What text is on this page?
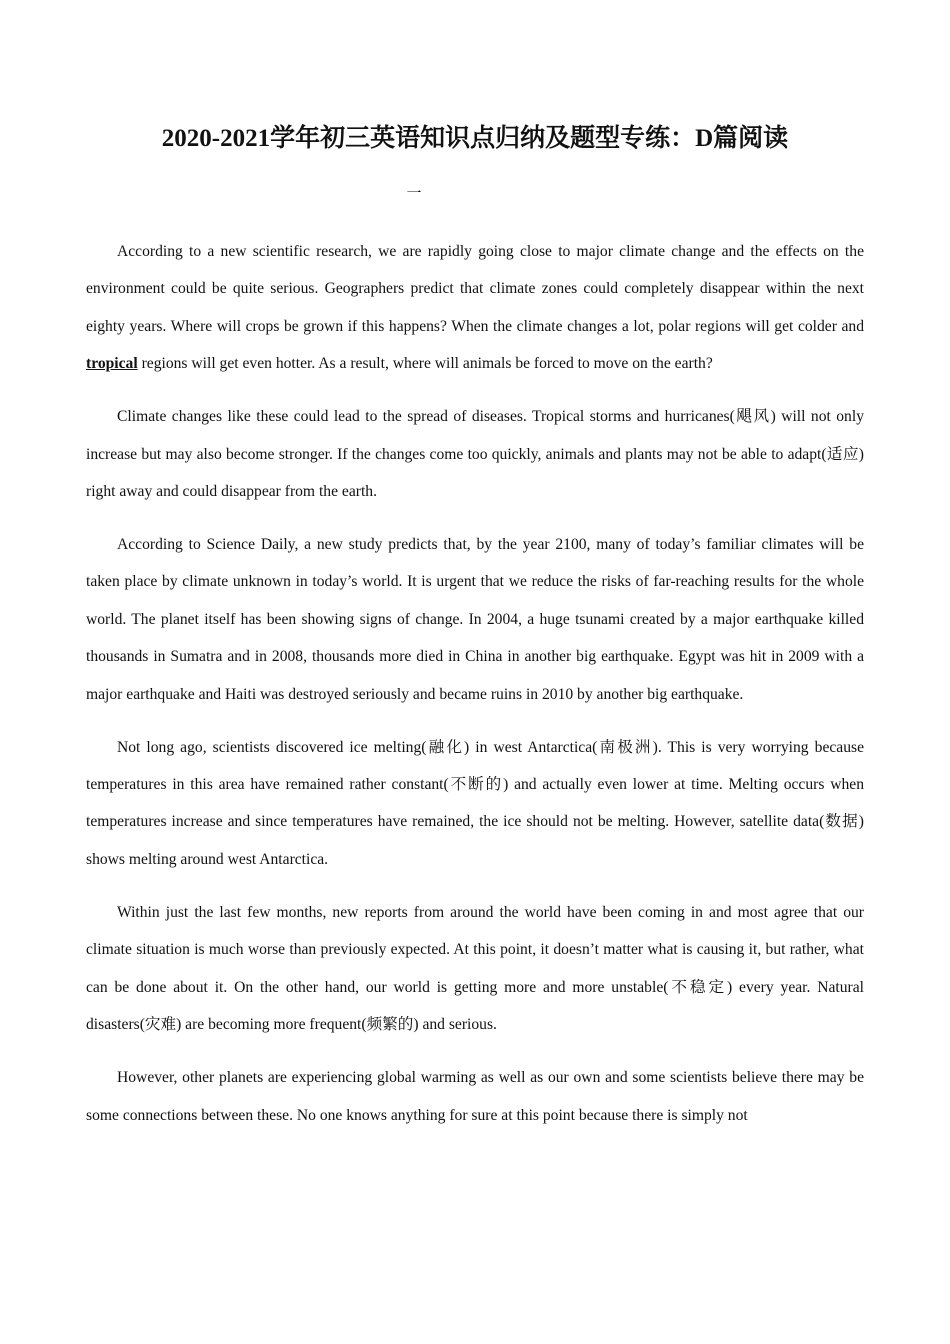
2020-2021学年初三英语知识点归纳及题型专练：D篇阅读
一

According to a new scientific research, we are rapidly going close to major climate change and the effects on the environment could be quite serious. Geographers predict that climate zones could completely disappear within the next eighty years. Where will crops be grown if this happens? When the climate changes a lot, polar regions will get colder and tropical regions will get even hotter. As a result, where will animals be forced to move on the earth?

Climate changes like these could lead to the spread of diseases. Tropical storms and hurricanes(飓风) will not only increase but may also become stronger. If the changes come too quickly, animals and plants may not be able to adapt(适应) right away and could disappear from the earth.

According to Science Daily, a new study predicts that, by the year 2100, many of today’s familiar climates will be taken place by climate unknown in today’s world. It is urgent that we reduce the risks of far-reaching results for the whole world. The planet itself has been showing signs of change. In 2004, a huge tsunami created by a major earthquake killed thousands in Sumatra and in 2008, thousands more died in China in another big earthquake. Egypt was hit in 2009 with a major earthquake and Haiti was destroyed seriously and became ruins in 2010 by another big earthquake.

Not long ago, scientists discovered ice melting(融化) in west Antarctica(南极洲). This is very worrying because temperatures in this area have remained rather constant(不断的) and actually even lower at time. Melting occurs when temperatures increase and since temperatures have remained, the ice should not be melting. However, satellite data(数据) shows melting around west Antarctica.

Within just the last few months, new reports from around the world have been coming in and most agree that our climate situation is much worse than previously expected. At this point, it doesn’t matter what is causing it, but rather, what can be done about it. On the other hand, our world is getting more and more unstable(不稳定) every year. Natural disasters(灾难) are becoming more frequent(频繁的) and serious.

However, other planets are experiencing global warming as well as our own and some scientists believe there may be some connections between these. No one knows anything for sure at this point because there is simply not
